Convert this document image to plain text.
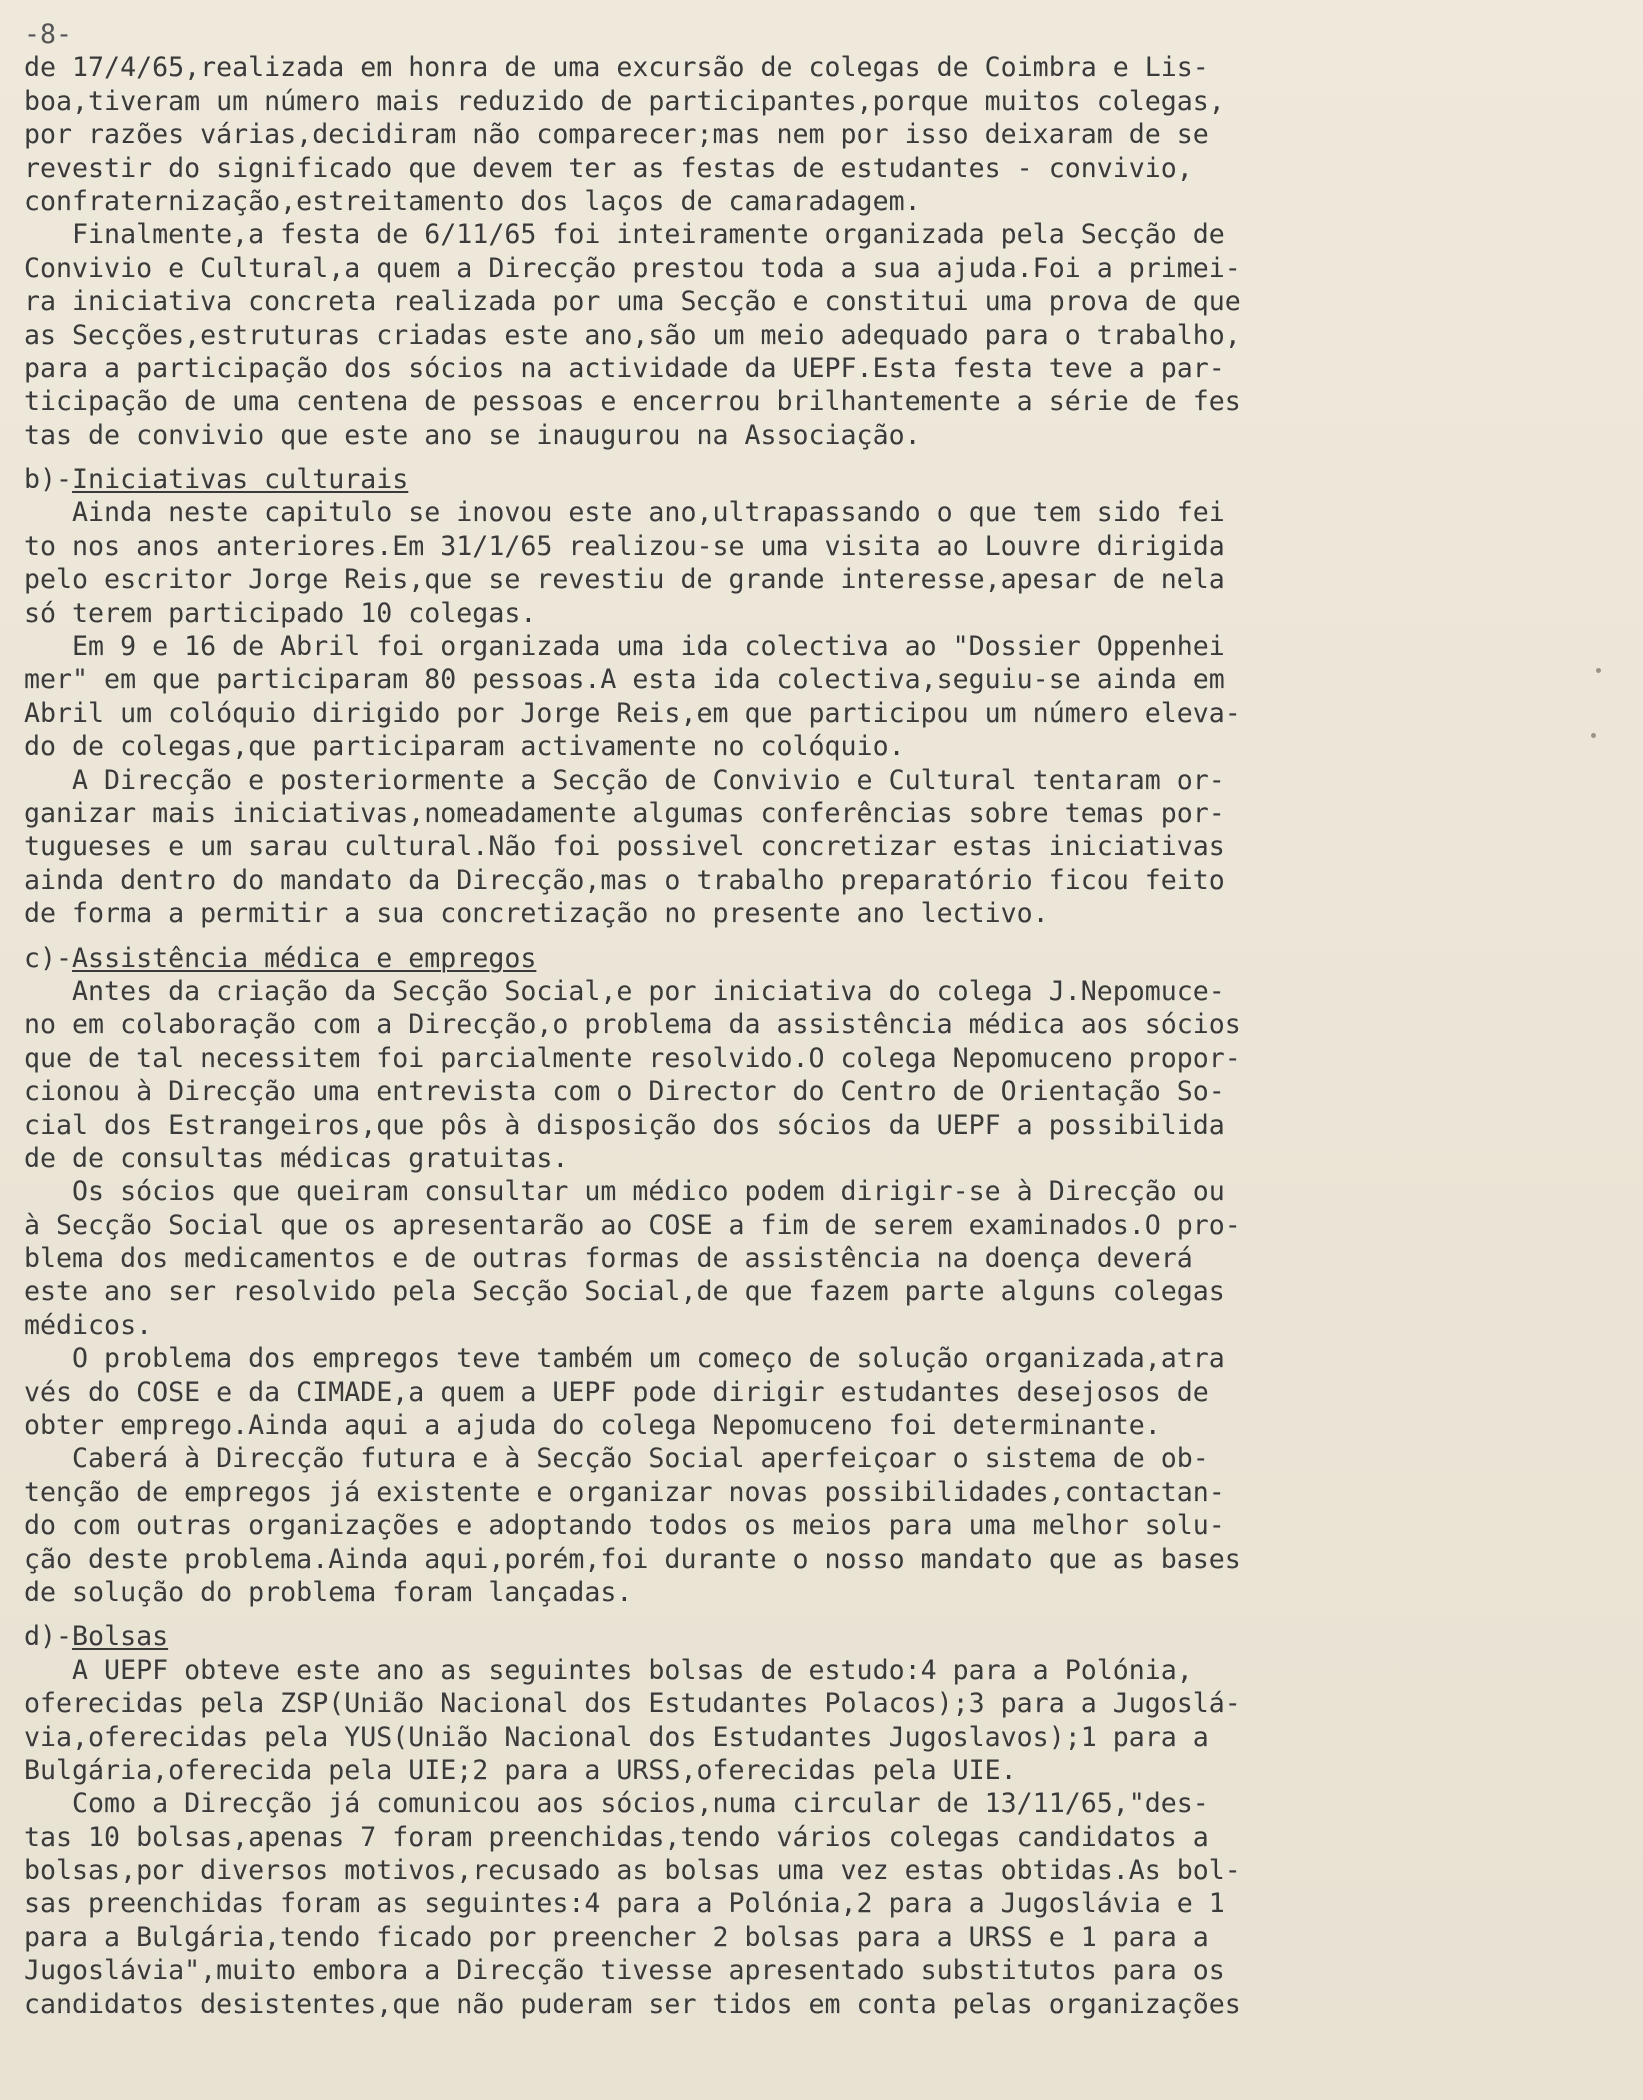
-8-
de 17/4/65,realizada em honra de uma excursão de colegas de Coimbra e Lis-
boa,tiveram um número mais reduzido de participantes,porque muitos colegas,
por razões várias,decidiram não comparecer;mas nem por isso deixaram de se
revestir do significado que devem ter as festas de estudantes - convivio,
confraternização,estreitamento dos laços de camaradagem.
Finalmente,a festa de 6/11/65 foi inteiramente organizada pela Secção de
Convivio e Cultural,a quem a Direcção prestou toda a sua ajuda.Foi a primei-
ra iniciativa concreta realizada por uma Secção e constitui uma prova de que
as Secções,estruturas criadas este ano,são um meio adequado para o trabalho,
para a participação dos sócios na actividade da UEPF.Esta festa teve a par-
ticipação de uma centena de pessoas e encerrou brilhantemente a série de fes
tas de convivio que este ano se inaugurou na Associação.
b)-Iniciativas culturais
Ainda neste capitulo se inovou este ano,ultrapassando o que tem sido fei
to nos anos anteriores.Em 31/1/65 realizou-se uma visita ao Louvre dirigida
pelo escritor Jorge Reis,que se revestiu de grande interesse,apesar de nela
só terem participado 10 colegas.
Em 9 e 16 de Abril foi organizada uma ida colectiva ao "Dossier Oppenhei
mer" em que participaram 80 pessoas.A esta ida colectiva,seguiu-se ainda em
Abril um colóquio dirigido por Jorge Reis,em que participou um número eleva-
do de colegas,que participaram activamente no colóquio.
A Direcção e posteriormente a Secção de Convivio e Cultural tentaram or-
ganizar mais iniciativas,nomeadamente algumas conferências sobre temas por-
tugueses e um sarau cultural.Não foi possivel concretizar estas iniciativas
ainda dentro do mandato da Direcção,mas o trabalho preparatório ficou feito
de forma a permitir a sua concretização no presente ano lectivo.
c)-Assistência médica e empregos
Antes da criação da Secção Social,e por iniciativa do colega J.Nepomuce-
no em colaboração com a Direcção,o problema da assistência médica aos sócios
que de tal necessitem foi parcialmente resolvido.O colega Nepomuceno propor-
cionou à Direcção uma entrevista com o Director do Centro de Orientação So-
cial dos Estrangeiros,que pôs à disposição dos sócios da UEPF a possibilida
de de consultas médicas gratuitas.
Os sócios que queiram consultar um médico podem dirigir-se à Direcção ou
à Secção Social que os apresentarão ao COSE a fim de serem examinados.O pro-
blema dos medicamentos e de outras formas de assistência na doença deverá
este ano ser resolvido pela Secção Social,de que fazem parte alguns colegas
médicos.
O problema dos empregos teve também um começo de solução organizada,atra
vés do COSE e da CIMADE,a quem a UEPF pode dirigir estudantes desejosos de
obter emprego.Ainda aqui a ajuda do colega Nepomuceno foi determinante.
Caberá à Direcção futura e à Secção Social aperfeiçoar o sistema de ob-
tenção de empregos já existente e organizar novas possibilidades,contactan-
do com outras organizações e adoptando todos os meios para uma melhor solu-
ção deste problema.Ainda aqui,porém,foi durante o nosso mandato que as bases
de solução do problema foram lançadas.
d)-Bolsas
A UEPF obteve este ano as seguintes bolsas de estudo:4 para a Polónia,
oferecidas pela ZSP(União Nacional dos Estudantes Polacos);3 para a Jugoslá-
via,oferecidas pela YUS(União Nacional dos Estudantes Jugoslavos);1 para a
Bulgária,oferecida pela UIE;2 para a URSS,oferecidas pela UIE.
Como a Direcção já comunicou aos sócios,numa circular de 13/11/65,"des-
tas 10 bolsas,apenas 7 foram preenchidas,tendo vários colegas candidatos a
bolsas,por diversos motivos,recusado as bolsas uma vez estas obtidas.As bol-
sas preenchidas foram as seguintes:4 para a Polónia,2 para a Jugoslávia e 1
para a Bulgária,tendo ficado por preencher 2 bolsas para a URSS e 1 para a
Jugoslávia",muito embora a Direcção tivesse apresentado substitutos para os
candidatos desistentes,que não puderam ser tidos em conta pelas organizações
